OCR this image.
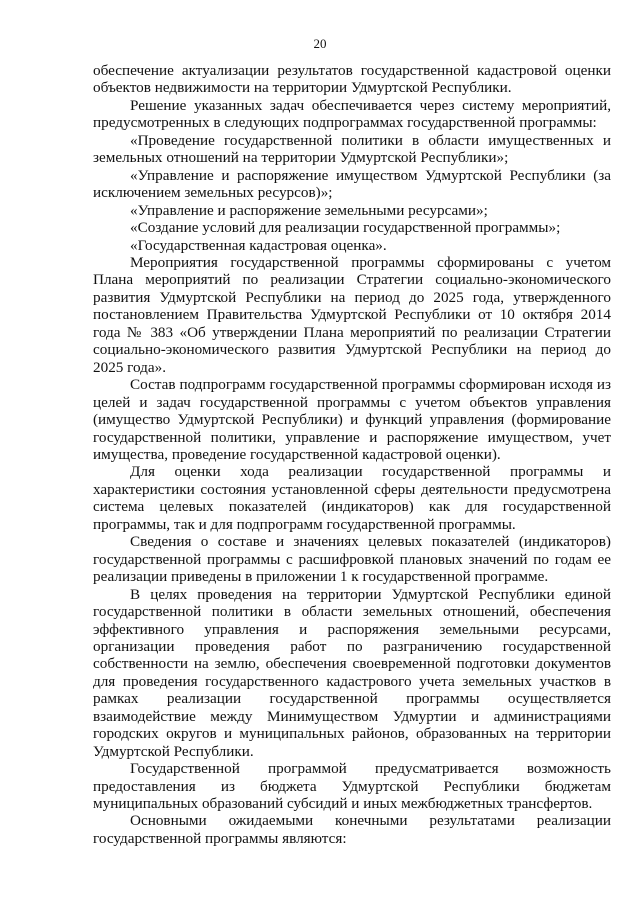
20

обеспечение актуализации результатов государственной кадастровой оценки объектов недвижимости на территории Удмуртской Республики.

Решение указанных задач обеспечивается через систему мероприятий, предусмотренных в следующих подпрограммах государственной программы:

«Проведение государственной политики в области имущественных и земельных отношений на территории Удмуртской Республики»;

«Управление и распоряжение имуществом Удмуртской Республики (за исключением земельных ресурсов)»;

«Управление и распоряжение земельными ресурсами»;

«Создание условий для реализации государственной программы»;

«Государственная кадастровая оценка».

Мероприятия государственной программы сформированы с учетом Плана мероприятий по реализации Стратегии социально-экономического развития Удмуртской Республики на период до 2025 года, утвержденного постановлением Правительства Удмуртской Республики от 10 октября 2014 года № 383 «Об утверждении Плана мероприятий по реализации Стратегии социально-экономического развития Удмуртской Республики на период до 2025 года».

Состав подпрограмм государственной программы сформирован исходя из целей и задач государственной программы с учетом объектов управления (имущество Удмуртской Республики) и функций управления (формирование государственной политики, управление и распоряжение имуществом, учет имущества, проведение государственной кадастровой оценки).

Для оценки хода реализации государственной программы и характеристики состояния установленной сферы деятельности предусмотрена система целевых показателей (индикаторов) как для государственной программы, так и для подпрограмм государственной программы.

Сведения о составе и значениях целевых показателей (индикаторов) государственной программы с расшифровкой плановых значений по годам ее реализации приведены в приложении 1 к государственной программе.

В целях проведения на территории Удмуртской Республики единой государственной политики в области земельных отношений, обеспечения эффективного управления и распоряжения земельными ресурсами, организации проведения работ по разграничению государственной собственности на землю, обеспечения своевременной подготовки документов для проведения государственного кадастрового учета земельных участков в рамках реализации государственной программы осуществляется взаимодействие между Минимуществом Удмуртии и администрациями городских округов и муниципальных районов, образованных на территории Удмуртской Республики.

Государственной программой предусматривается возможность предоставления из бюджета Удмуртской Республики бюджетам муниципальных образований субсидий и иных межбюджетных трансфертов.

Основными ожидаемыми конечными результатами реализации государственной программы являются:
